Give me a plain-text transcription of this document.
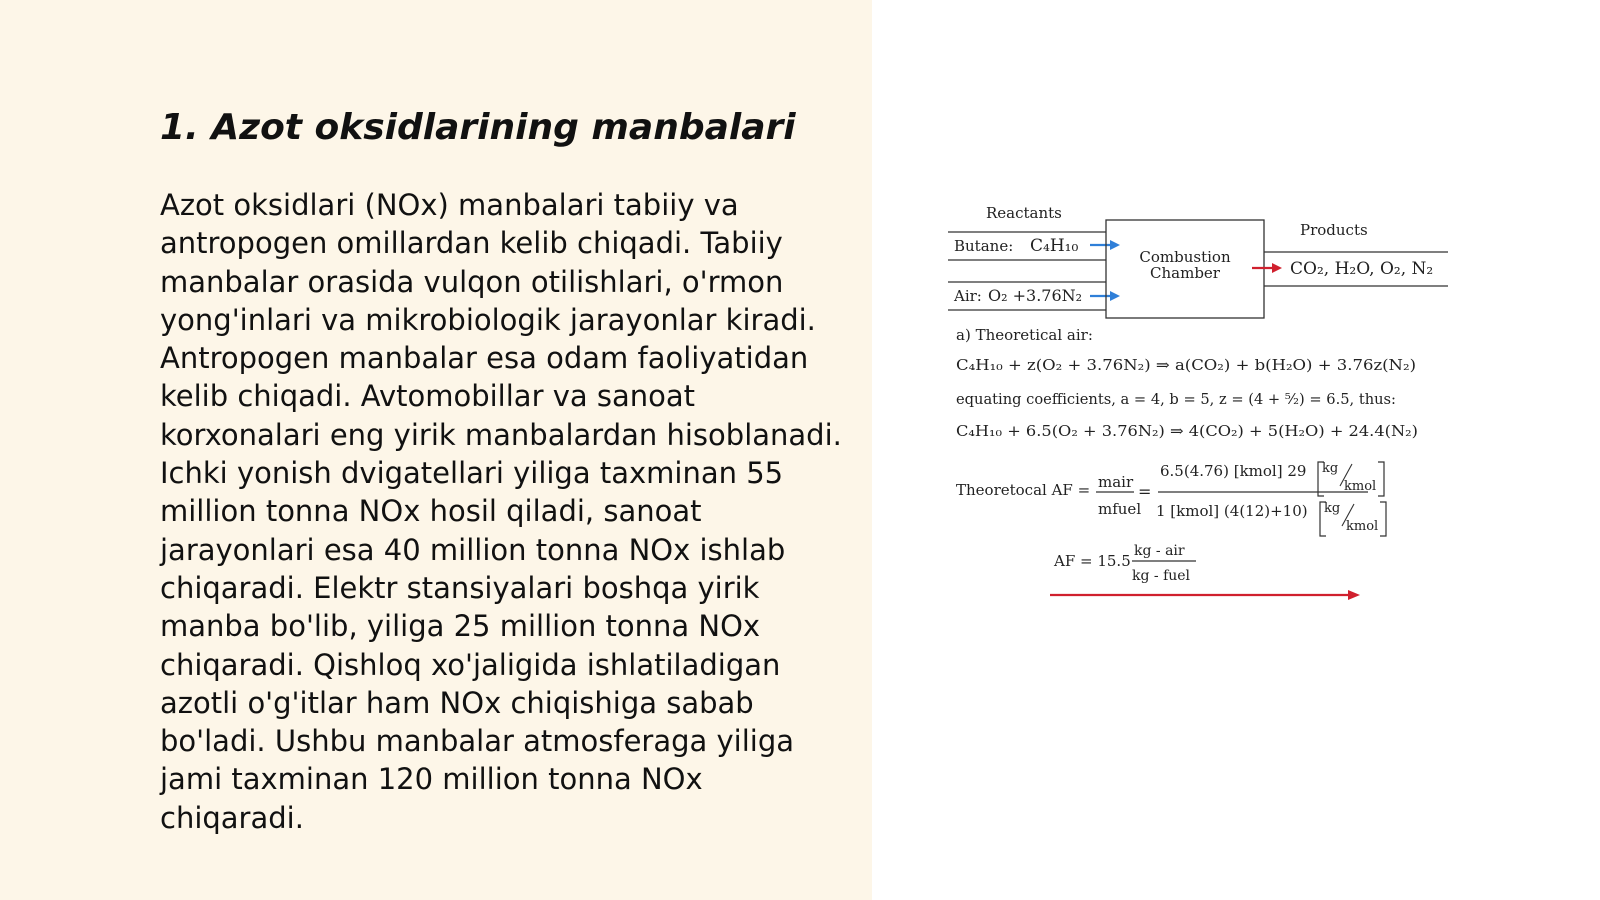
1. Azot oksidlarining manbalari

Azot oksidlari (NOx) manbalari tabiiy va antropogen omillardan kelib chiqadi. Tabiiy manbalar orasida vulqon otilishlari, o'rmon yong'inlari va mikrobiologik jarayonlar kiradi. Antropogen manbalar esa odam faoliyatidan kelib chiqadi. Avtomobillar va sanoat korxonalari eng yirik manbalardan hisoblanadi. Ichki yonish dvigatellari yiliga taxminan 55 million tonna NOx hosil qiladi, sanoat jarayonlari esa 40 million tonna NOx ishlab chiqaradi. Elektr stansiyalari boshqa yirik manba bo'lib, yiliga 25 million tonna NOx chiqaradi. Qishloq xo'jaligida ishlatiladigan azotli o'g'itlar ham NOx chiqishiga sabab bo'ladi. Ushbu manbalar atmosferaga yiliga jami taxminan 120 million tonna NOx chiqaradi.

Reactants
Products
Butane: C₄H₁₀
Air: O₂ +3.76N₂
Combustion
Chamber	CO₂, H₂O, O₂, N₂
a) Theoretical air:
C₄H₁₀ + z(O₂ + 3.76N₂) ⇒ a(CO₂) + b(H₂O) + 3.76z(N₂)
equating coefficients, a = 4, b = 5, z = (4 + ⁵⁄₂) = 6.5, thus:
C₄H₁₀ + 6.5(O₂ + 3.76N₂) ⇒ 4(CO₂) + 5(H₂O) + 24.4(N₂)
Theoretocal AF = mair
mfuel
=
6.5(4.76) [kmol] 29
1 [kmol] (4(12)+10)
kg
kmol
kg
kmol
AF = 15.5
kg - air
kg - fuel
